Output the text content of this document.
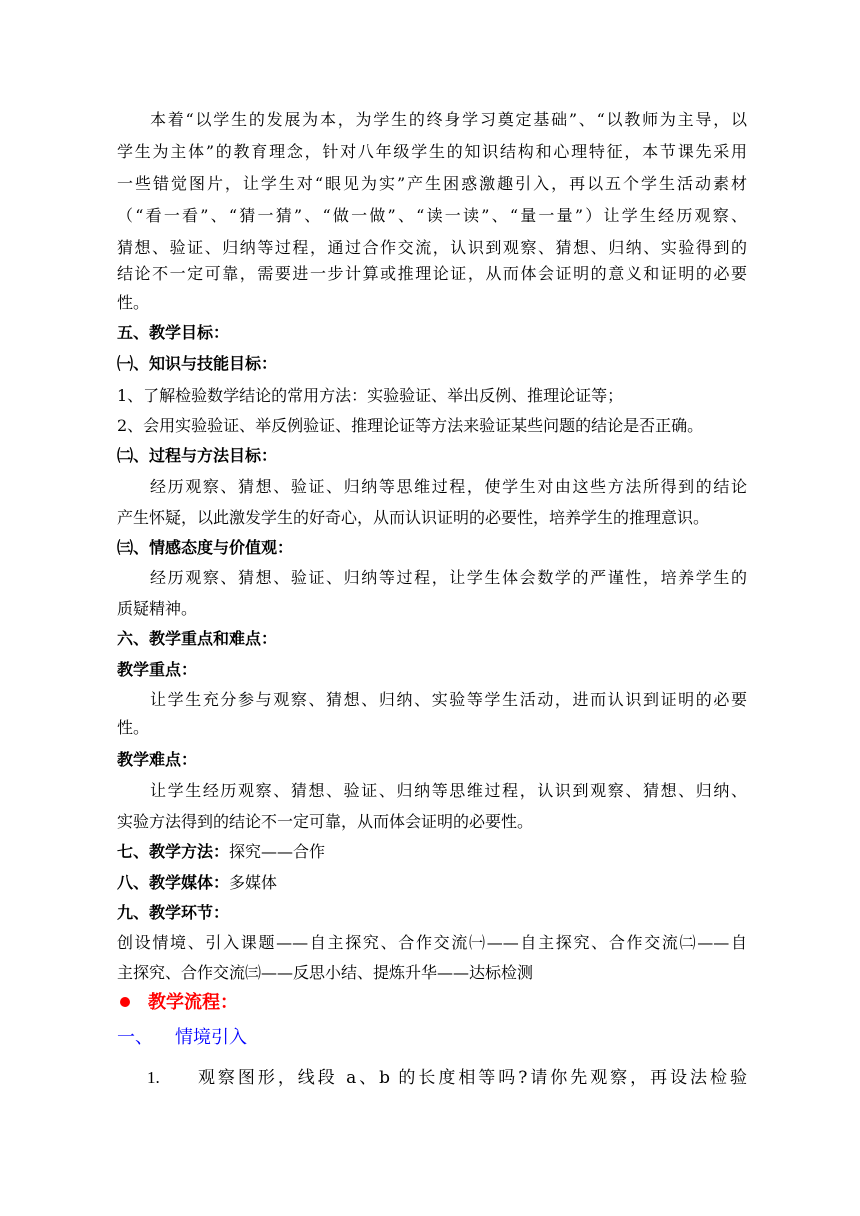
本着“以学生的发展为本，为学生的终身学习奠定基础”、“以教师为主导，以
学生为主体”的教育理念，针对八年级学生的知识结构和心理特征，本节课先采用
一些错觉图片，让学生对“眼见为实”产生困惑激趣引入，再以五个学生活动素材
（“看一看”、“猜一猜”、“做一做”、“读一读”、“量一量”）让学生经历观察、
猜想、验证、归纳等过程，通过合作交流，认识到观察、猜想、归纳、实验得到的
结论不一定可靠，需要进一步计算或推理论证，从而体会证明的意义和证明的必要
性。
五、教学目标：
㈠、知识与技能目标：
1、了解检验数学结论的常用方法：实验验证、举出反例、推理论证等；
2、会用实验验证、举反例验证、推理论证等方法来验证某些问题的结论是否正确。
㈡、过程与方法目标：
经历观察、猜想、验证、归纳等思维过程，使学生对由这些方法所得到的结论
产生怀疑，以此激发学生的好奇心，从而认识证明的必要性，培养学生的推理意识。
㈢、情感态度与价值观：
经历观察、猜想、验证、归纳等过程，让学生体会数学的严谨性，培养学生的
质疑精神。
六、教学重点和难点：
教学重点：
让学生充分参与观察、猜想、归纳、实验等学生活动，进而认识到证明的必要
性。
教学难点：
让学生经历观察、猜想、验证、归纳等思维过程，认识到观察、猜想、归纳、
实验方法得到的结论不一定可靠，从而体会证明的必要性。
七、教学方法：探究——合作
八、教学媒体：多媒体
九、教学环节：
创设情境、引入课题——自主探究、合作交流㈠——自主探究、合作交流㈡——自
主探究、合作交流㈢——反思小结、提炼升华——达标检测
教学流程：
一、 情境引入
1. 观察图形，线段 a、b 的长度相等吗?请你先观察，再设法检验
